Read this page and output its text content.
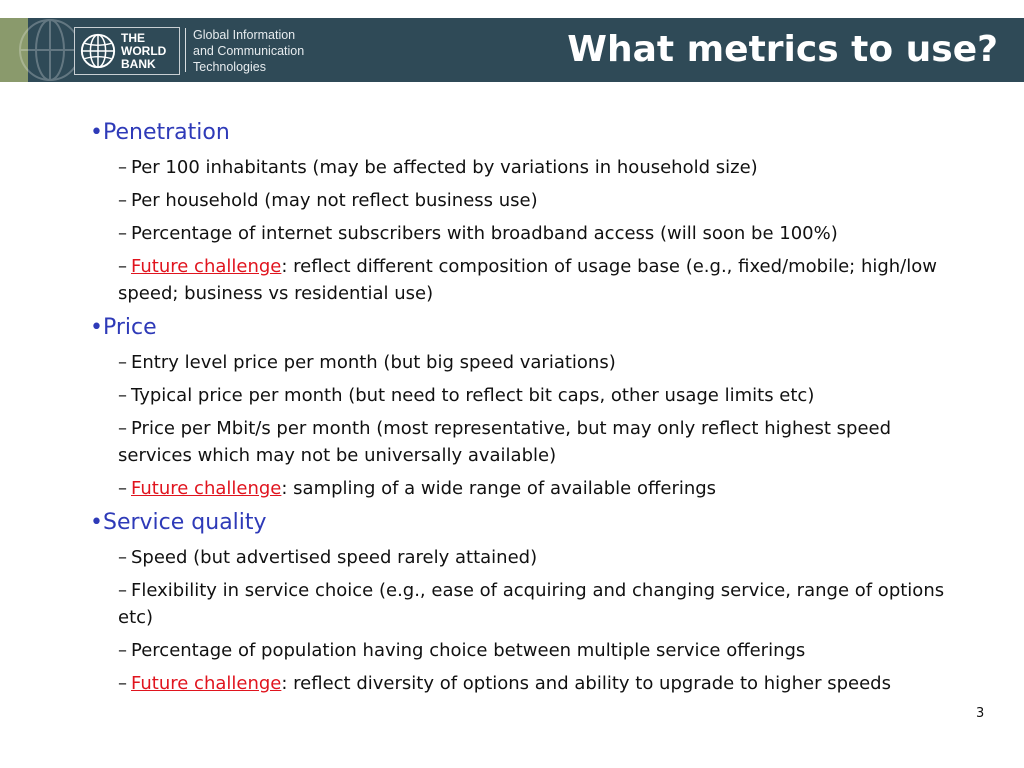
THE
WORLD
BANK
Global Information
and Communication
Technologies	What metrics to use?
•Penetration
– Per 100 inhabitants (may be affected by variations in household size)
– Per household (may not reflect business use)
– Percentage of internet subscribers with broadband access (will soon be 100%)
– Future challenge: reflect different composition of usage base (e.g., fixed/mobile; high/low speed; business vs residential use)
•Price
– Entry level price per month (but big speed variations)
– Typical price per month (but need to reflect bit caps, other usage limits etc)
– Price per Mbit/s per month (most representative, but may only reflect highest speed services which may not be universally available)
– Future challenge: sampling of a wide range of available offerings
•Service quality
– Speed (but advertised speed rarely attained)
– Flexibility in service choice (e.g., ease of acquiring and changing service, range of options etc)
– Percentage of population having choice between multiple service offerings
– Future challenge: reflect diversity of options and ability to upgrade to higher speeds
3
